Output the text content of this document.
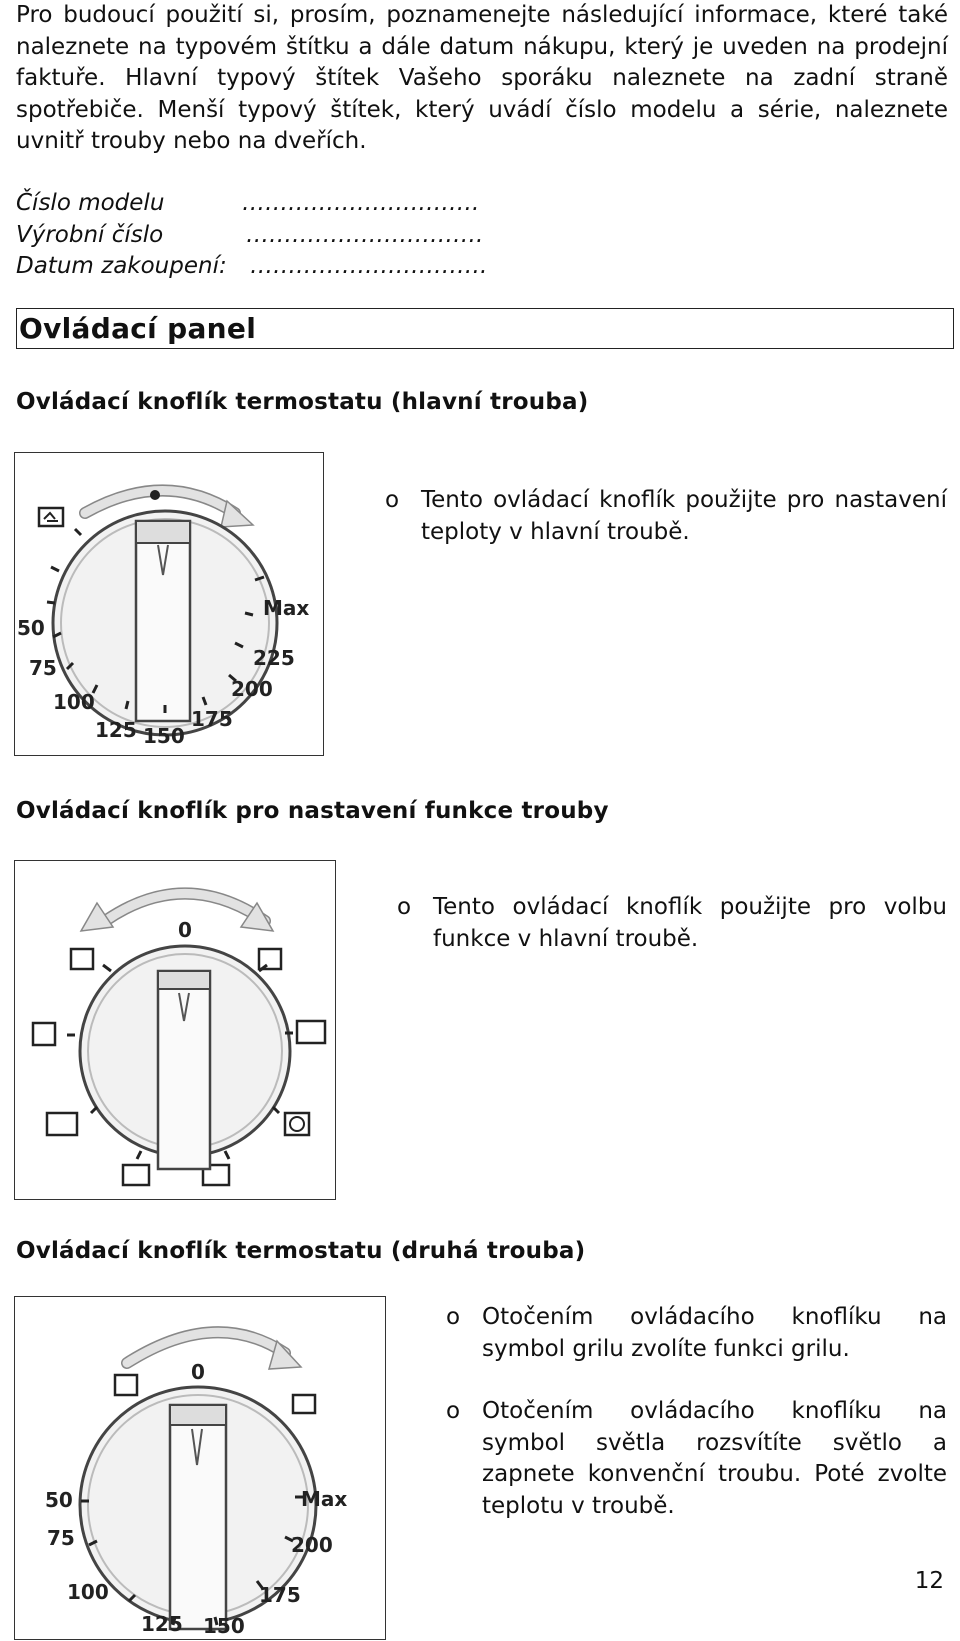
Pro budoucí použití si, prosím, poznamenejte následující informace, které také naleznete na typovém štítku a dále datum nákupu, který je uveden na prodejní faktuře. Hlavní typový štítek Vašeho sporáku naleznete na zadní straně spotřebiče. Menší typový štítek, který uvádí číslo modelu a série, naleznete uvnitř trouby nebo na dveřích.
Číslo modelu	………………………….
Výrobní číslo	………………………….
Datum zakoupení: ………………………….
Ovládací panel
Ovládací knoflík termostatu (hlavní trouba)
Max
225
200
175
150
125
100
75
50
o Tento ovládací knoflík použijte pro nastavení teploty v hlavní troubě.
Ovládací knoflík pro nastavení funkce trouby
0
o Tento ovládací knoflík použijte pro volbu funkce v hlavní troubě.
Ovládací knoflík termostatu (druhá trouba)
0
Max
200
175
150
125
100
75
50
o Otočením ovládacího knoflíku na symbol grilu zvolíte funkci grilu.
o Otočením ovládacího knoflíku na symbol světla rozsvítíte světlo a zapnete konvenční troubu. Poté zvolte teplotu v troubě.
12
